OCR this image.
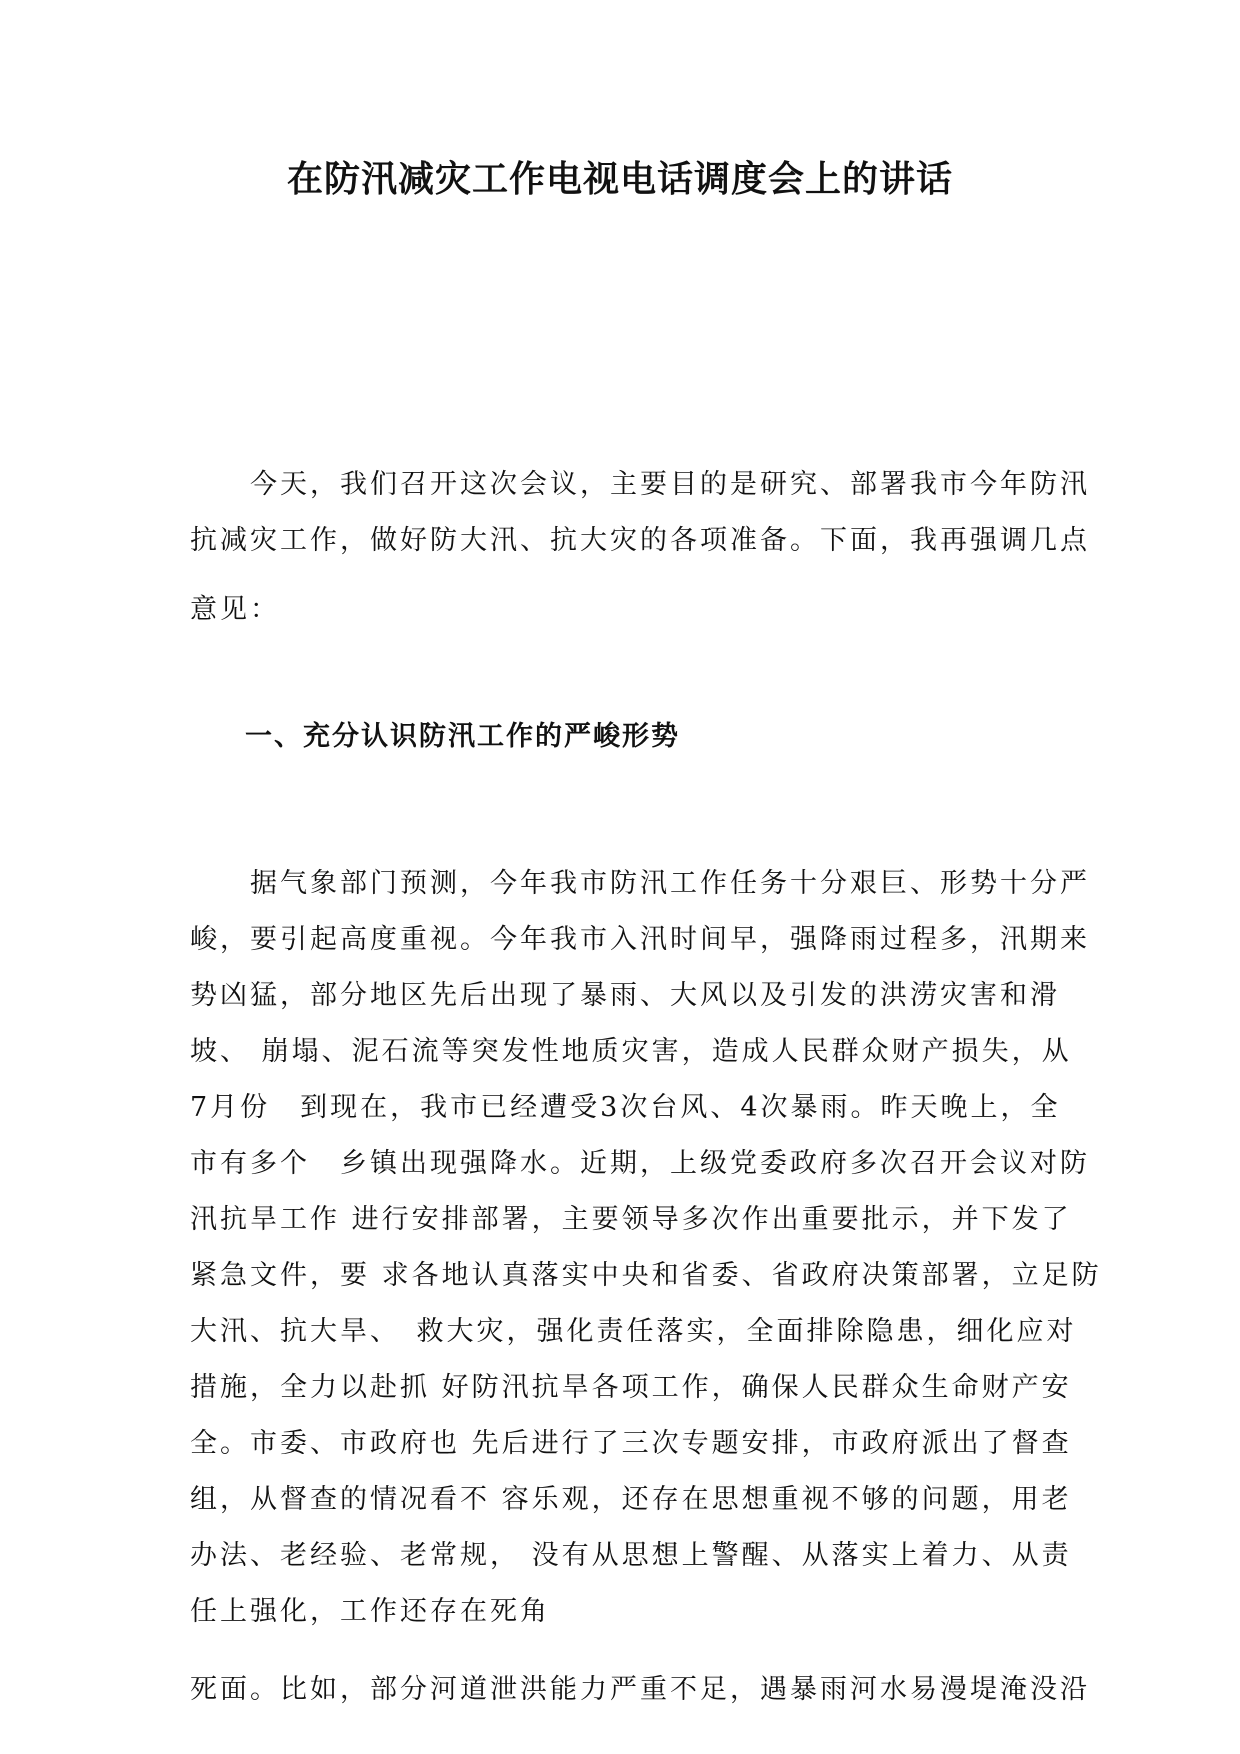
在防汛减灾工作电视电话调度会上的讲话

　　今天，我们召开这次会议，主要目的是研究、部署我市今年防汛

抗减灾工作，做好防大汛、抗大灾的各项准备。下面，我再强调几点

意见：

一、充分认识防汛工作的严峻形势

　　据气象部门预测，今年我市防汛工作任务十分艰巨、形势十分严

峻，要引起高度重视。今年我市入汛时间早，强降雨过程多，汛期来

势凶猛，部分地区先后出现了暴雨、大风以及引发的洪涝灾害和滑

坡、 崩塌、泥石流等突发性地质灾害，造成人民群众财产损失，从

7月份　到现在，我市已经遭受3次台风、4次暴雨。昨天晚上，全

市有多个　乡镇出现强降水。近期，上级党委政府多次召开会议对防

汛抗旱工作 进行安排部署，主要领导多次作出重要批示，并下发了

紧急文件，要 求各地认真落实中央和省委、省政府决策部署，立足防

大汛、抗大旱、　救大灾，强化责任落实，全面排除隐患，细化应对

措施，全力以赴抓 好防汛抗旱各项工作，确保人民群众生命财产安

全。市委、市政府也 先后进行了三次专题安排，市政府派出了督查

组，从督查的情况看不 容乐观，还存在思想重视不够的问题，用老

办法、老经验、老常规， 没有从思想上警醒、从落实上着力、从责

任上强化，工作还存在死角

死面。比如，部分河道泄洪能力严重不足，遇暴雨河水易漫堤淹没沿
